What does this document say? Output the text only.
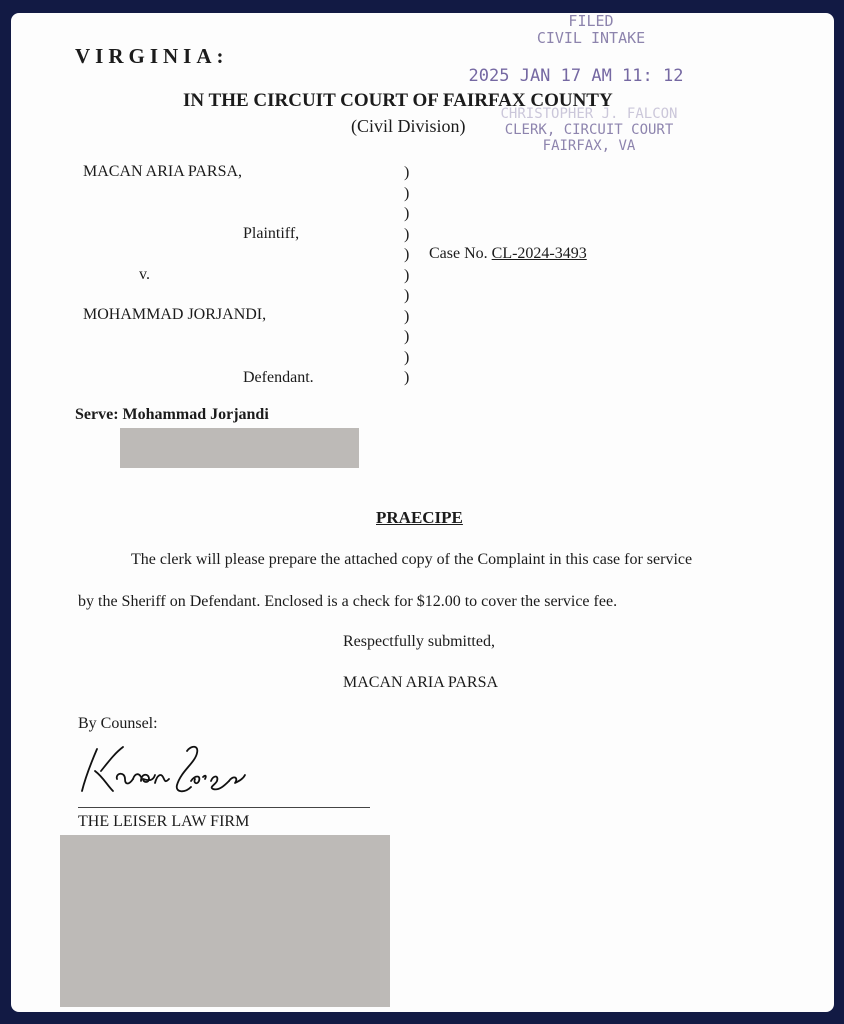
VIRGINIA:
IN THE CIRCUIT COURT OF FAIRFAX COUNTY
(Civil Division)
FILED
CIVIL INTAKE
2025 JAN 17 AM 11: 12
CHRISTOPHER J. FALCON
CLERK, CIRCUIT COURT
FAIRFAX, VA
MACAN ARIA PARSA,
Plaintiff,
v.
MOHAMMAD JORJANDI,
Defendant.
)
)
)
)
)
)
)
)
)
)
)
Case No. CL-2024-3493
Serve: Mohammad Jorjandi
PRAECIPE
The clerk will please prepare the attached copy of the Complaint in this case for service
by the Sheriff on Defendant. Enclosed is a check for $12.00 to cover the service fee.
Respectfully submitted,
MACAN ARIA PARSA
By Counsel:
THE LEISER LAW FIRM
